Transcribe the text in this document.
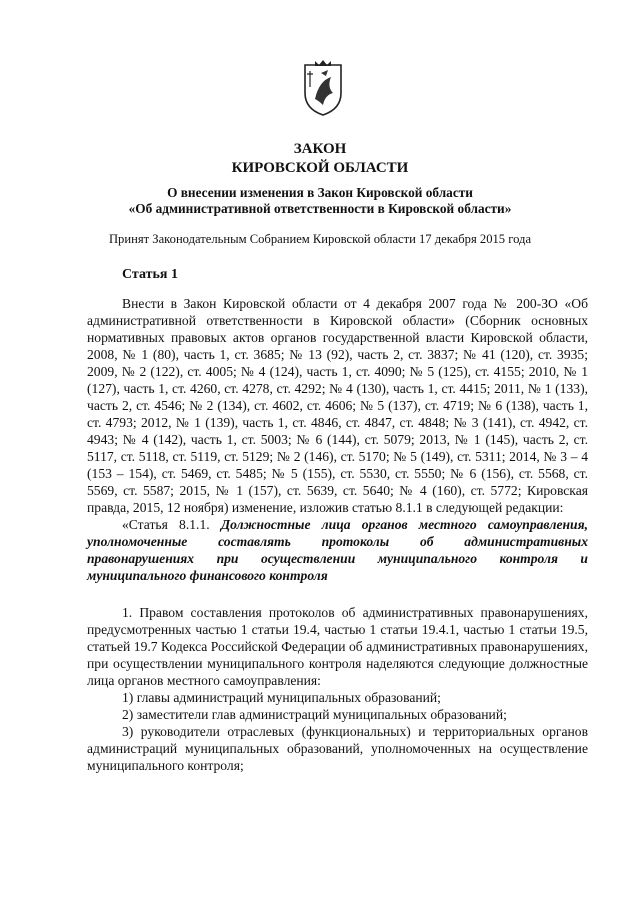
ЗАКОН
КИРОВСКОЙ ОБЛАСТИ
О внесении изменения в Закон Кировской области
«Об административной ответственности в Кировской области»
Принят Законодательным Собранием Кировской области 17 декабря 2015 года
Статья 1

Внести в Закон Кировской области от 4 декабря 2007 года № 200-ЗО «Об административной ответственности в Кировской области» (Сборник основных нормативных правовых актов органов государственной власти Кировской области, 2008, № 1 (80), часть 1, ст. 3685; № 13 (92), часть 2, ст. 3837; № 41 (120), ст. 3935; 2009, № 2 (122), ст. 4005; № 4 (124), часть 1, ст. 4090; № 5 (125), ст. 4155; 2010, № 1 (127), часть 1, ст. 4260, ст. 4278, ст. 4292; № 4 (130), часть 1, ст. 4415; 2011, № 1 (133), часть 2, ст. 4546; № 2 (134), ст. 4602, ст. 4606; № 5 (137), ст. 4719; № 6 (138), часть 1, ст. 4793; 2012, № 1 (139), часть 1, ст. 4846, ст. 4847, ст. 4848; № 3 (141), ст. 4942, ст. 4943; № 4 (142), часть 1, ст. 5003; № 6 (144), ст. 5079; 2013, № 1 (145), часть 2, ст. 5117, ст. 5118, ст. 5119, ст. 5129; № 2 (146), ст. 5170; № 5 (149), ст. 5311; 2014, № 3 – 4 (153 – 154), ст. 5469, ст. 5485; № 5 (155), ст. 5530, ст. 5550; № 6 (156), ст. 5568, ст. 5569, ст. 5587; 2015, № 1 (157), ст. 5639, ст. 5640; № 4 (160), ст. 5772; Кировская правда, 2015, 12 ноября) изменение, изложив статью 8.1.1 в следующей редакции:

«Статья 8.1.1. Должностные лица органов местного самоуправления, уполномоченные составлять протоколы об административных правонарушениях при осуществлении муниципального контроля и муниципального финансового контроля

1. Правом составления протоколов об административных правонарушениях, предусмотренных частью 1 статьи 19.4, частью 1 статьи 19.4.1, частью 1 статьи 19.5, статьей 19.7 Кодекса Российской Федерации об административных правонарушениях, при осуществлении муниципального контроля наделяются следующие должностные лица органов местного самоуправления:

1) главы администраций муниципальных образований;

2) заместители глав администраций муниципальных образований;

3) руководители отраслевых (функциональных) и территориальных органов администраций муниципальных образований, уполномоченных на осуществление муниципального контроля;
